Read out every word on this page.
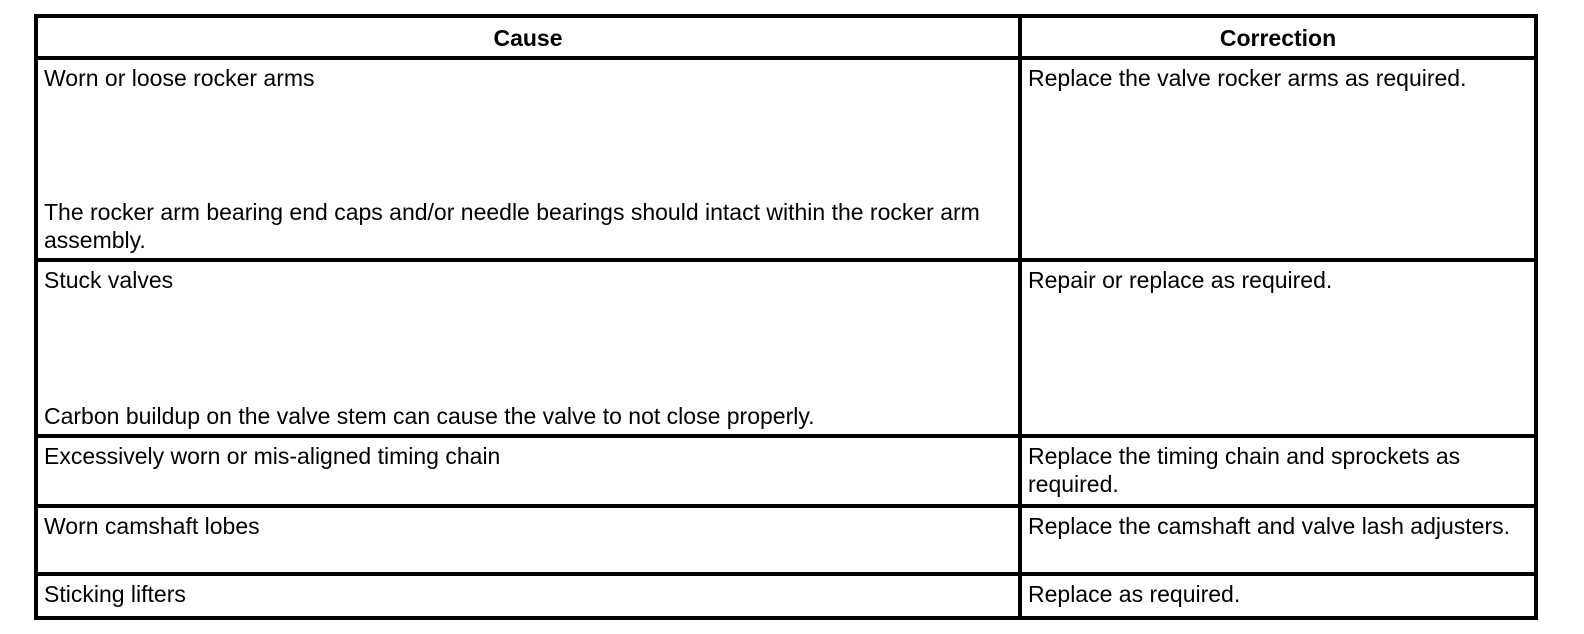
Cause	Correction

Worn or loose rocker arms
The rocker arm bearing end caps and/or needle bearings should intact within the rocker arm assembly.	Replace the valve rocker arms as required.

Stuck valves
Carbon buildup on the valve stem can cause the valve to not close properly.	Repair or replace as required.

Excessively worn or mis-aligned timing chain	Replace the timing chain and sprockets as required.

Worn camshaft lobes	Replace the camshaft and valve lash adjusters.

Sticking lifters	Replace as required.
